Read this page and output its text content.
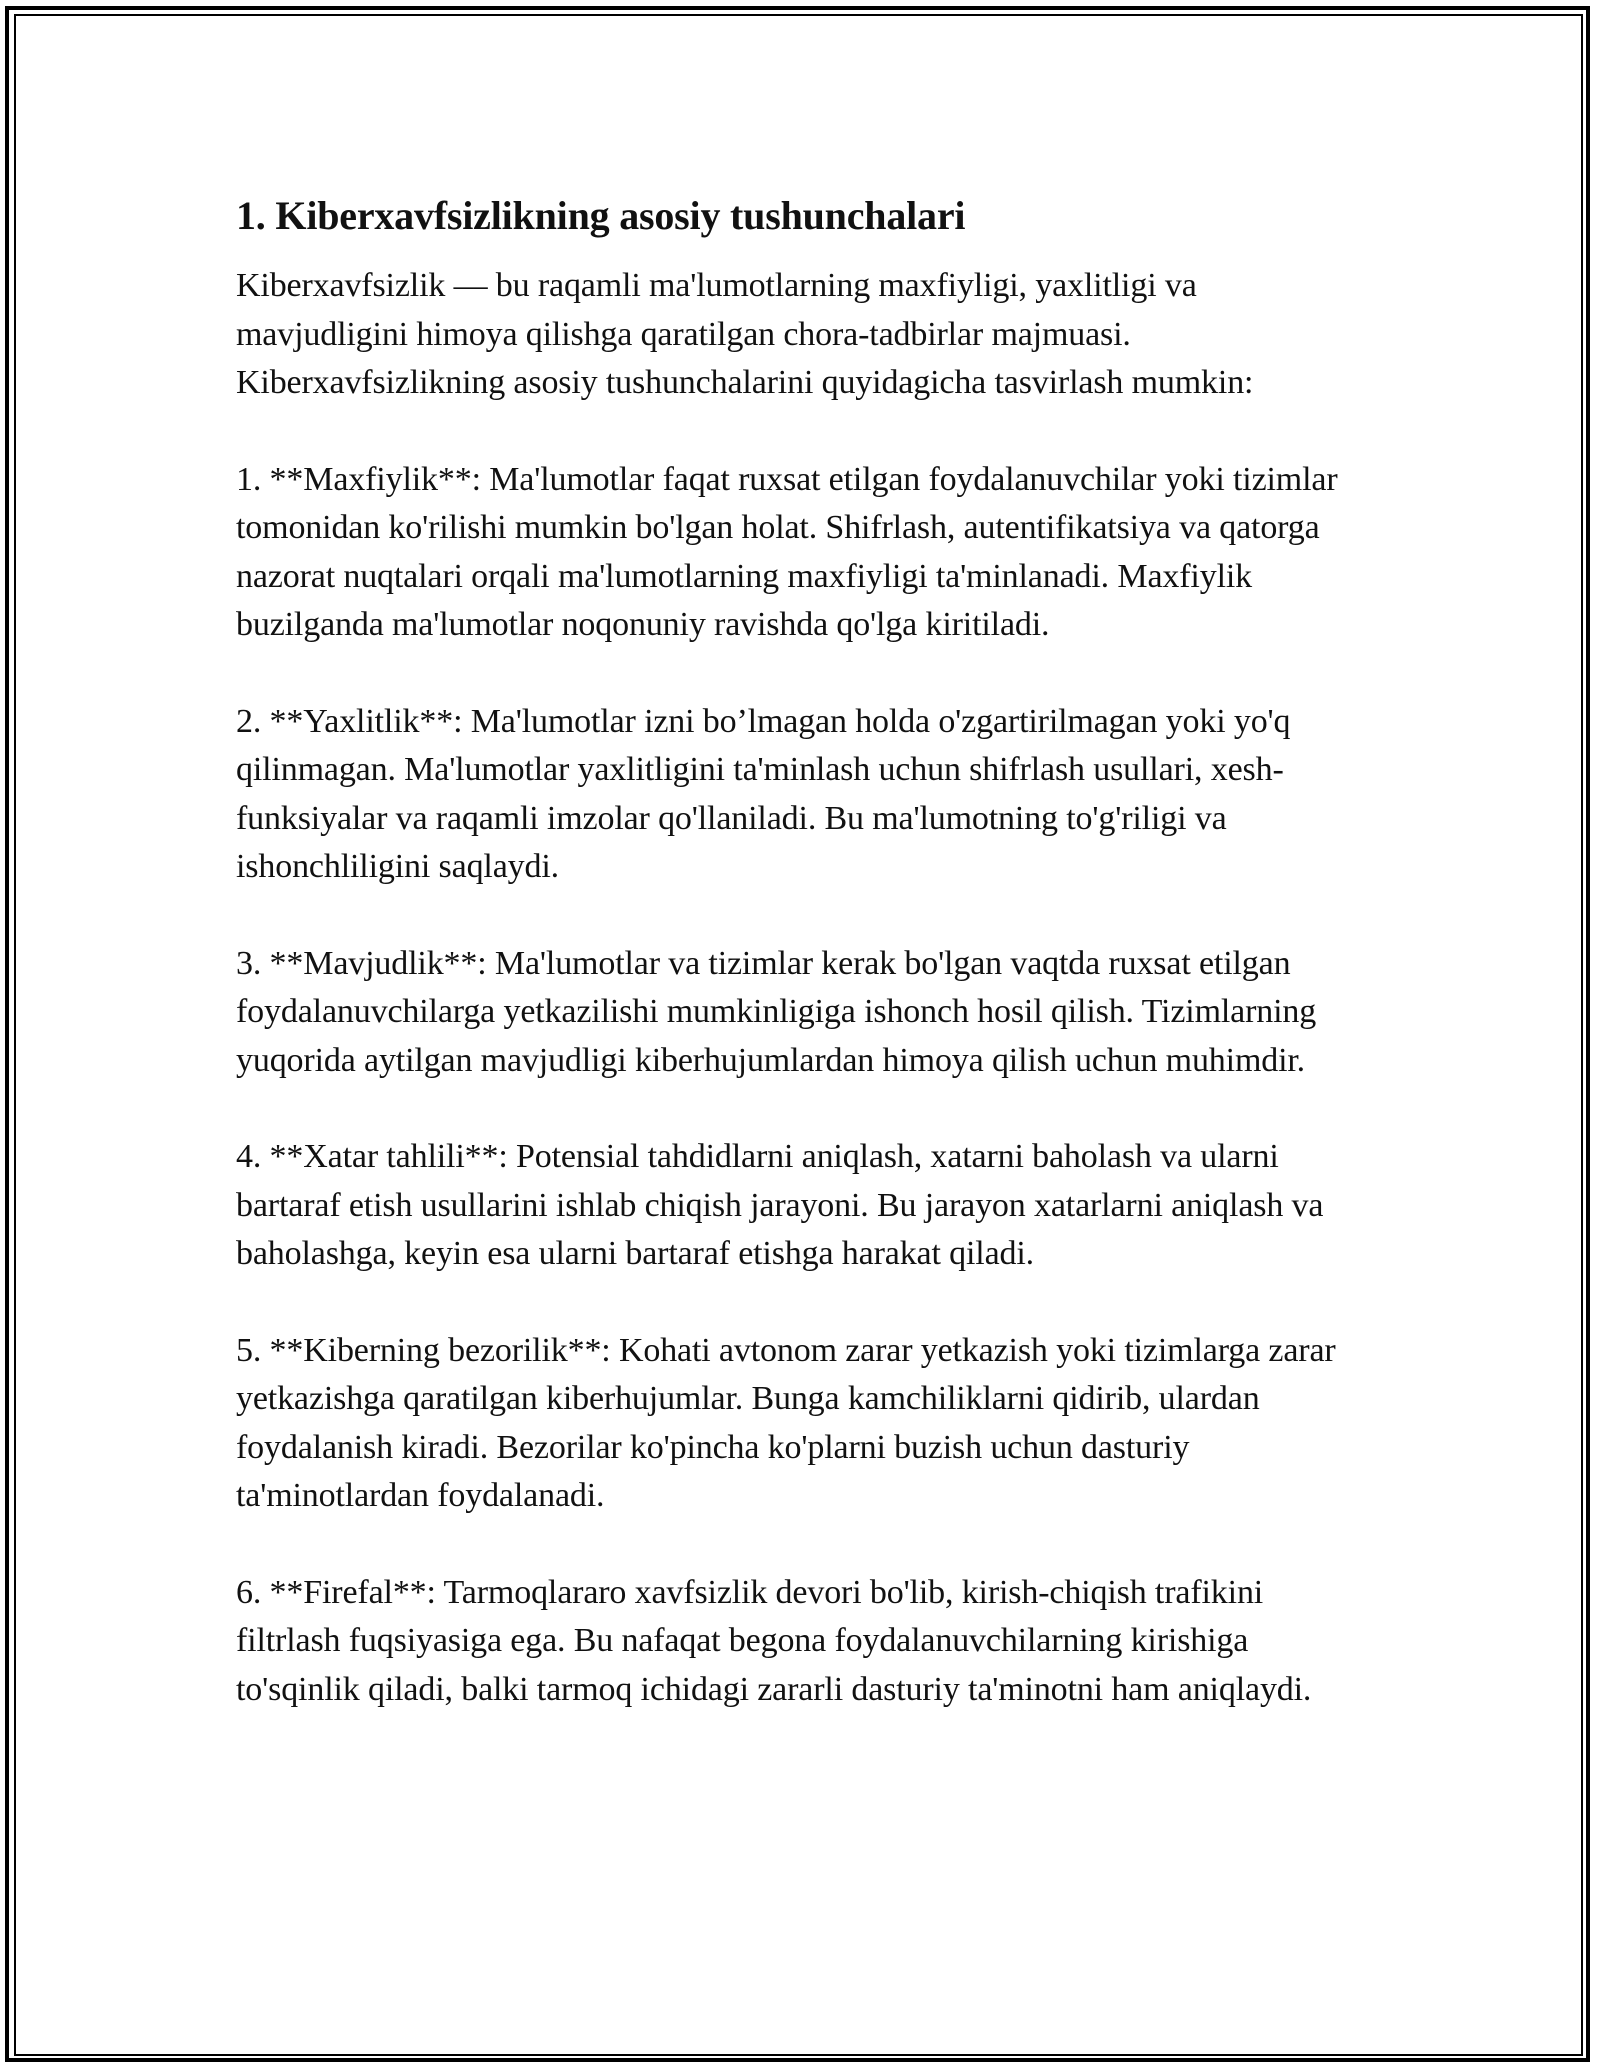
1. Kiberxavfsizlikning asosiy tushunchalari

Kiberxavfsizlik — bu raqamli ma'lumotlarning maxfiyligi, yaxlitligi va mavjudligini himoya qilishga qaratilgan chora-tadbirlar majmuasi. Kiberxavfsizlikning asosiy tushunchalarini quyidagicha tasvirlash mumkin:

1. **Maxfiylik**: Ma'lumotlar faqat ruxsat etilgan foydalanuvchilar yoki tizimlar tomonidan ko'rilishi mumkin bo'lgan holat. Shifrlash, autentifikatsiya va qatorga nazorat nuqtalari orqali ma'lumotlarning maxfiyligi ta'minlanadi. Maxfiylik buzilganda ma'lumotlar noqonuniy ravishda qo'lga kiritiladi.

2. **Yaxlitlik**: Ma'lumotlar izni bo’lmagan holda o'zgartirilmagan yoki yo'q qilinmagan. Ma'lumotlar yaxlitligini ta'minlash uchun shifrlash usullari, xesh-funksiyalar va raqamli imzolar qo'llaniladi. Bu ma'lumotning to'g'riligi va ishonchliligini saqlaydi.

3. **Mavjudlik**: Ma'lumotlar va tizimlar kerak bo'lgan vaqtda ruxsat etilgan foydalanuvchilarga yetkazilishi mumkinligiga ishonch hosil qilish. Tizimlarning yuqorida aytilgan mavjudligi kiberhujumlardan himoya qilish uchun muhimdir.

4. **Xatar tahlili**: Potensial tahdidlarni aniqlash, xatarni baholash va ularni bartaraf etish usullarini ishlab chiqish jarayoni. Bu jarayon xatarlarni aniqlash va baholashga, keyin esa ularni bartaraf etishga harakat qiladi.

5. **Kiberning bezorilik**: Kohati avtonom zarar yetkazish yoki tizimlarga zarar yetkazishga qaratilgan kiberhujumlar. Bunga kamchiliklarni qidirib, ulardan foydalanish kiradi. Bezorilar ko'pincha ko'plarni buzish uchun dasturiy ta'minotlardan foydalanadi.

6. **Firefal**: Tarmoqlararo xavfsizlik devori bo'lib, kirish-chiqish trafikini filtrlash fuqsiyasiga ega. Bu nafaqat begona foydalanuvchilarning kirishiga to'sqinlik qiladi, balki tarmoq ichidagi zararli dasturiy ta'minotni ham aniqlaydi.
